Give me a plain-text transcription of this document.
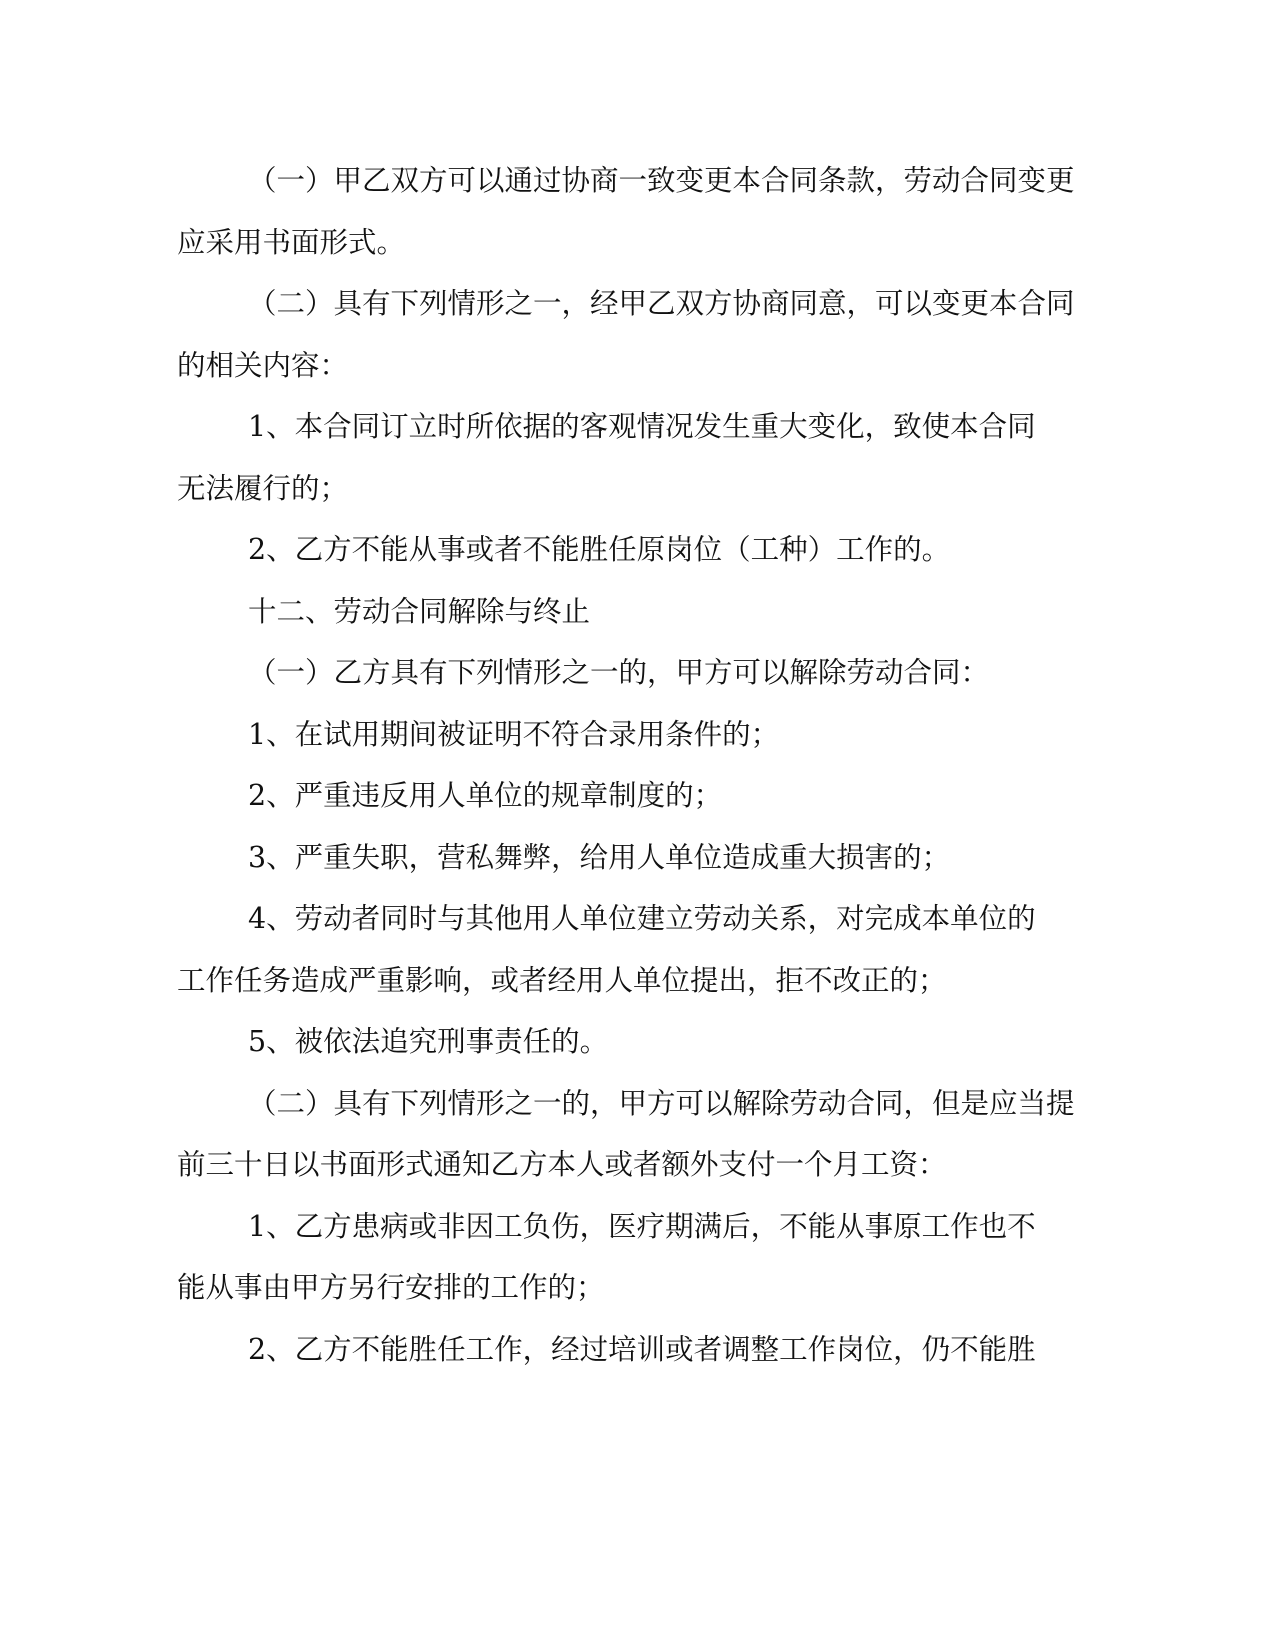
（一）甲乙双方可以通过协商一致变更本合同条款，劳动合同变更

应采用书面形式。

（二）具有下列情形之一，经甲乙双方协商同意，可以变更本合同

的相关内容：

1、本合同订立时所依据的客观情况发生重大变化，致使本合同

无法履行的；

2、乙方不能从事或者不能胜任原岗位（工种）工作的。

十二、劳动合同解除与终止

（一）乙方具有下列情形之一的，甲方可以解除劳动合同：

1、在试用期间被证明不符合录用条件的；

2、严重违反用人单位的规章制度的；

3、严重失职，营私舞弊，给用人单位造成重大损害的；

4、劳动者同时与其他用人单位建立劳动关系，对完成本单位的

工作任务造成严重影响，或者经用人单位提出，拒不改正的；

5、被依法追究刑事责任的。

（二）具有下列情形之一的，甲方可以解除劳动合同，但是应当提

前三十日以书面形式通知乙方本人或者额外支付一个月工资：

1、乙方患病或非因工负伤，医疗期满后，不能从事原工作也不

能从事由甲方另行安排的工作的；

2、乙方不能胜任工作，经过培训或者调整工作岗位，仍不能胜
